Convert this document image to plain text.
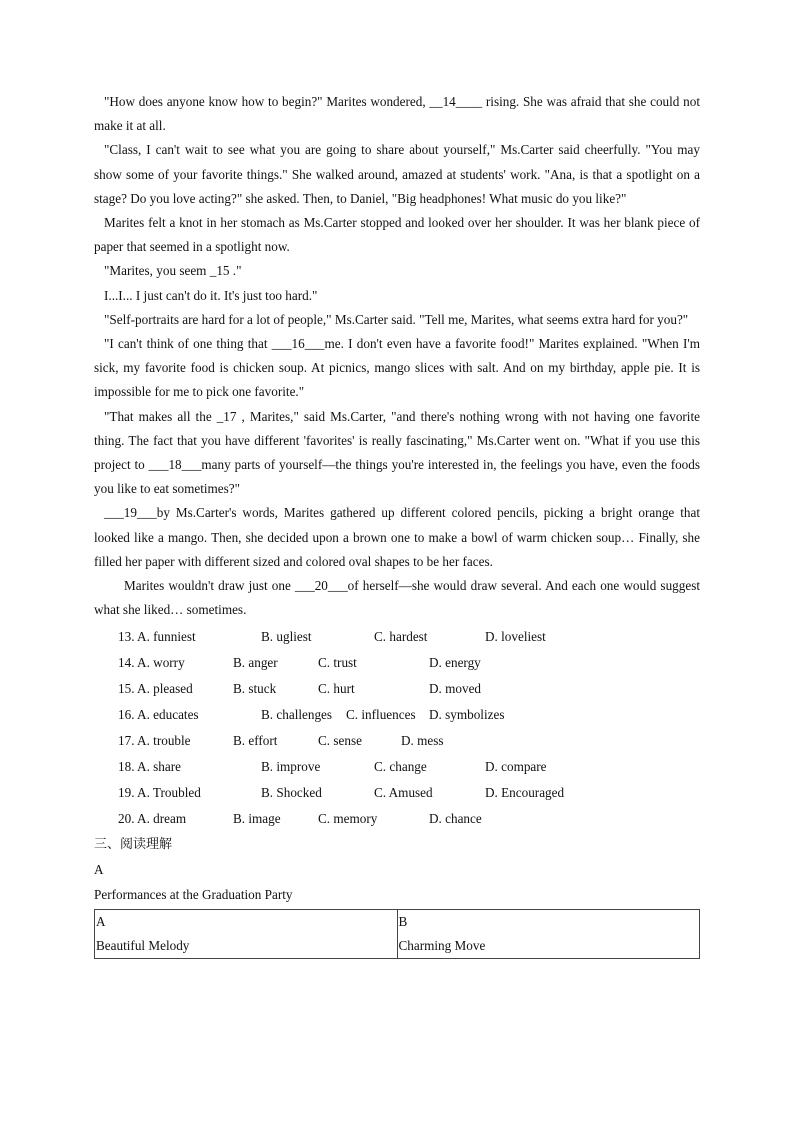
"How does anyone know how to begin?" Marites wondered, __14____ rising. She was afraid that she could not make it at all.

"Class, I can't wait to see what you are going to share about yourself," Ms.Carter said cheerfully. "You may show some of your favorite things." She walked around, amazed at students' work. "Ana, is that a spotlight on a stage? Do you love acting?" she asked. Then, to Daniel, "Big headphones! What music do you like?"

Marites felt a knot in her stomach as Ms.Carter stopped and looked over her shoulder. It was her blank piece of paper that seemed in a spotlight now.

"Marites, you seem _15 ."

I...I... I just can't do it. It's just too hard."

"Self-portraits are hard for a lot of people," Ms.Carter said. "Tell me, Marites, what seems extra hard for you?"

"I can't think of one thing that ___16___me. I don't even have a favorite food!" Marites explained. "When I'm sick, my favorite food is chicken soup. At picnics, mango slices with salt. And on my birthday, apple pie. It is impossible for me to pick one favorite."

"That makes all the _17 , Marites," said Ms.Carter, "and there's nothing wrong with not having one favorite thing. The fact that you have different 'favorites' is really fascinating," Ms.Carter went on. "What if you use this project to ___18___many parts of yourself—the things you're interested in, the feelings you have, even the foods you like to eat sometimes?"

___19___by Ms.Carter's words, Marites gathered up different colored pencils, picking a bright orange that looked like a mango. Then, she decided upon a brown one to make a bowl of warm chicken soup… Finally, she filled her paper with different sized and colored oval shapes to be her faces.

Marites wouldn't draw just one ___20___of herself—she would draw several. And each one would suggest what she liked… sometimes.

13. A. funniest	B. ugliest	C. hardest	D. loveliest
14. A. worry	B. anger	C. trust	D. energy
15. A. pleased	B. stuck	C. hurt	D. moved
16. A. educates	B. challenges C. influences D. symbolizes
17. A. trouble	B. effort	C. sense	D. mess
18. A. share	B. improve	C. change	D. compare
19. A. Troubled	B. Shocked	C. Amused	D. Encouraged
20. A. dream	B. image	C. memory	D. chance

三、阅读理解

A

Performances at the Graduation Party

A
Beautiful Melody

B
Charming Move
